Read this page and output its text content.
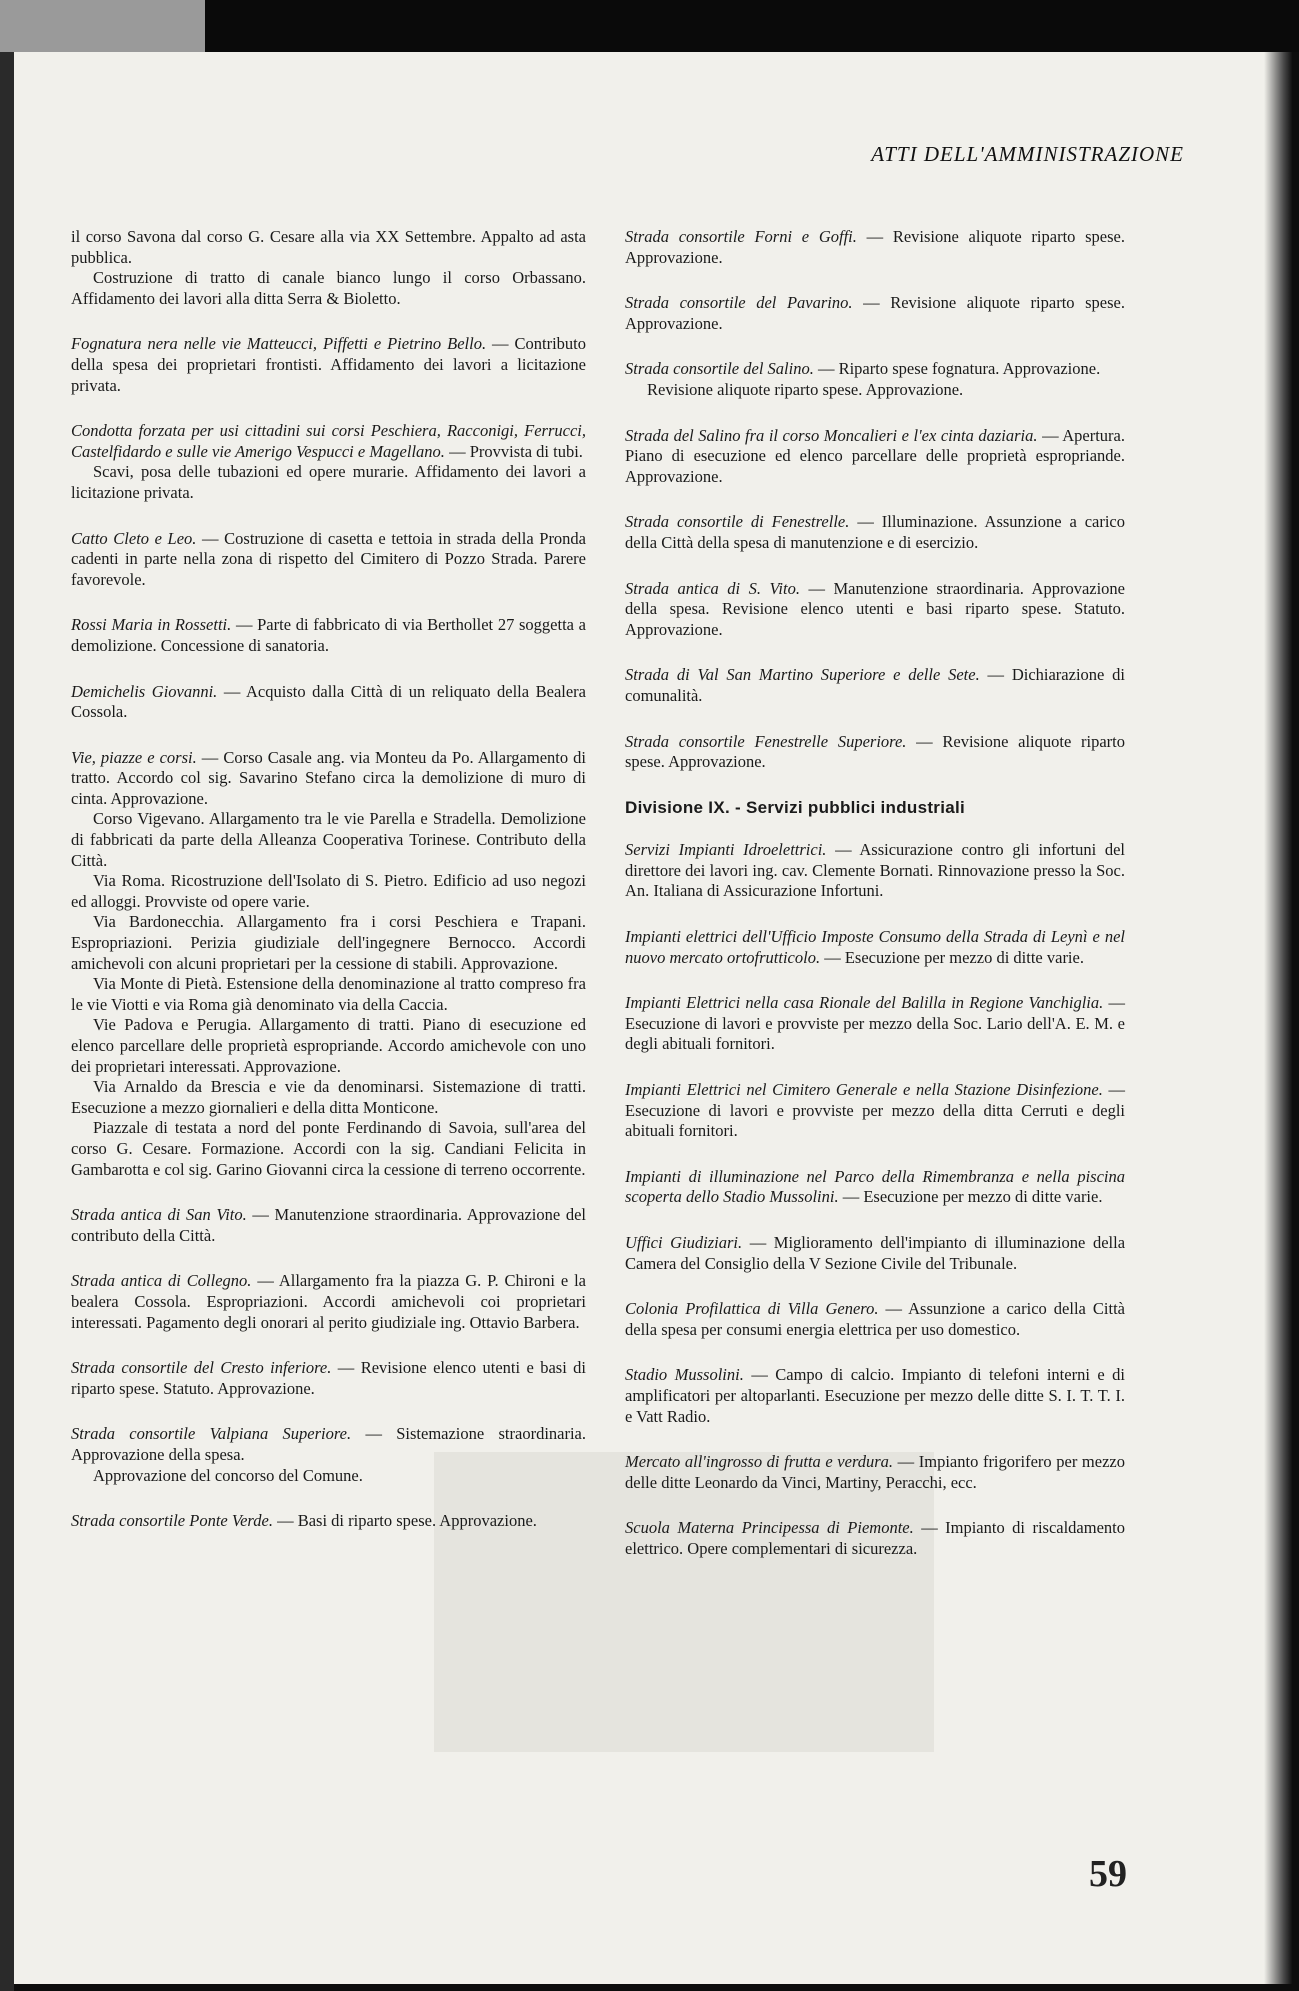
ATTI DELL'AMMINISTRAZIONE

il corso Savona dal corso G. Cesare alla via XX Settembre. Appalto ad asta pubblica.

Costruzione di tratto di canale bianco lungo il corso Orbassano. Affidamento dei lavori alla ditta Serra & Bioletto.

Fognatura nera nelle vie Matteucci, Piffetti e Pietrino Bello. — Contributo della spesa dei proprietari frontisti. Affidamento dei lavori a licitazione privata.

Condotta forzata per usi cittadini sui corsi Peschiera, Racconigi, Ferrucci, Castelfidardo e sulle vie Amerigo Vespucci e Magellano. — Provvista di tubi.

Scavi, posa delle tubazioni ed opere murarie. Affidamento dei lavori a licitazione privata.

Catto Cleto e Leo. — Costruzione di casetta e tettoia in strada della Pronda cadenti in parte nella zona di rispetto del Cimitero di Pozzo Strada. Parere favorevole.

Rossi Maria in Rossetti. — Parte di fabbricato di via Berthollet 27 soggetta a demolizione. Concessione di sanatoria.

Demichelis Giovanni. — Acquisto dalla Città di un reliquato della Bealera Cossola.

Vie, piazze e corsi. — Corso Casale ang. via Monteu da Po. Allargamento di tratto. Accordo col sig. Savarino Stefano circa la demolizione di muro di cinta. Approvazione.

Corso Vigevano. Allargamento tra le vie Parella e Stradella. Demolizione di fabbricati da parte della Alleanza Cooperativa Torinese. Contributo della Città.

Via Roma. Ricostruzione dell'Isolato di S. Pietro. Edificio ad uso negozi ed alloggi. Provviste od opere varie.

Via Bardonecchia. Allargamento fra i corsi Peschiera e Trapani. Espropriazioni. Perizia giudiziale dell'ingegnere Bernocco. Accordi amichevoli con alcuni proprietari per la cessione di stabili. Approvazione.

Via Monte di Pietà. Estensione della denominazione al tratto compreso fra le vie Viotti e via Roma già denominato via della Caccia.

Vie Padova e Perugia. Allargamento di tratti. Piano di esecuzione ed elenco parcellare delle proprietà espropriande. Accordo amichevole con uno dei proprietari interessati. Approvazione.

Via Arnaldo da Brescia e vie da denominarsi. Sistemazione di tratti. Esecuzione a mezzo giornalieri e della ditta Monticone.

Piazzale di testata a nord del ponte Ferdinando di Savoia, sull'area del corso G. Cesare. Formazione. Accordi con la sig. Candiani Felicita in Gambarotta e col sig. Garino Giovanni circa la cessione di terreno occorrente.

Strada antica di San Vito. — Manutenzione straordinaria. Approvazione del contributo della Città.

Strada antica di Collegno. — Allargamento fra la piazza G. P. Chironi e la bealera Cossola. Espropriazioni. Accordi amichevoli coi proprietari interessati. Pagamento degli onorari al perito giudiziale ing. Ottavio Barbera.

Strada consortile del Cresto inferiore. — Revisione elenco utenti e basi di riparto spese. Statuto. Approvazione.

Strada consortile Valpiana Superiore. — Sistemazione straordinaria. Approvazione della spesa.

Approvazione del concorso del Comune.

Strada consortile Ponte Verde. — Basi di riparto spese. Approvazione.

Strada consortile Forni e Goffi. — Revisione aliquote riparto spese. Approvazione.

Strada consortile del Pavarino. — Revisione aliquote riparto spese. Approvazione.

Strada consortile del Salino. — Riparto spese fognatura. Approvazione.

Revisione aliquote riparto spese. Approvazione.

Strada del Salino fra il corso Moncalieri e l'ex cinta daziaria. — Apertura. Piano di esecuzione ed elenco parcellare delle proprietà espropriande. Approvazione.

Strada consortile di Fenestrelle. — Illuminazione. Assunzione a carico della Città della spesa di manutenzione e di esercizio.

Strada antica di S. Vito. — Manutenzione straordinaria. Approvazione della spesa. Revisione elenco utenti e basi riparto spese. Statuto. Approvazione.

Strada di Val San Martino Superiore e delle Sete. — Dichiarazione di comunalità.

Strada consortile Fenestrelle Superiore. — Revisione aliquote riparto spese. Approvazione.

Divisione IX. - Servizi pubblici industriali

Servizi Impianti Idroelettrici. — Assicurazione contro gli infortuni del direttore dei lavori ing. cav. Clemente Bornati. Rinnovazione presso la Soc. An. Italiana di Assicurazione Infortuni.

Impianti elettrici dell'Ufficio Imposte Consumo della Strada di Leynì e nel nuovo mercato ortofrutticolo. — Esecuzione per mezzo di ditte varie.

Impianti Elettrici nella casa Rionale del Balilla in Regione Vanchiglia. — Esecuzione di lavori e provviste per mezzo della Soc. Lario dell'A. E. M. e degli abituali fornitori.

Impianti Elettrici nel Cimitero Generale e nella Stazione Disinfezione. — Esecuzione di lavori e provviste per mezzo della ditta Cerruti e degli abituali fornitori.

Impianti di illuminazione nel Parco della Rimembranza e nella piscina scoperta dello Stadio Mussolini. — Esecuzione per mezzo di ditte varie.

Uffici Giudiziari. — Miglioramento dell'impianto di illuminazione della Camera del Consiglio della V Sezione Civile del Tribunale.

Colonia Profilattica di Villa Genero. — Assunzione a carico della Città della spesa per consumi energia elettrica per uso domestico.

Stadio Mussolini. — Campo di calcio. Impianto di telefoni interni e di amplificatori per altoparlanti. Esecuzione per mezzo delle ditte S. I. T. T. I. e Vatt Radio.

Mercato all'ingrosso di frutta e verdura. — Impianto frigorifero per mezzo delle ditte Leonardo da Vinci, Martiny, Peracchi, ecc.

Scuola Materna Principessa di Piemonte. — Impianto di riscaldamento elettrico. Opere complementari di sicurezza.

59
